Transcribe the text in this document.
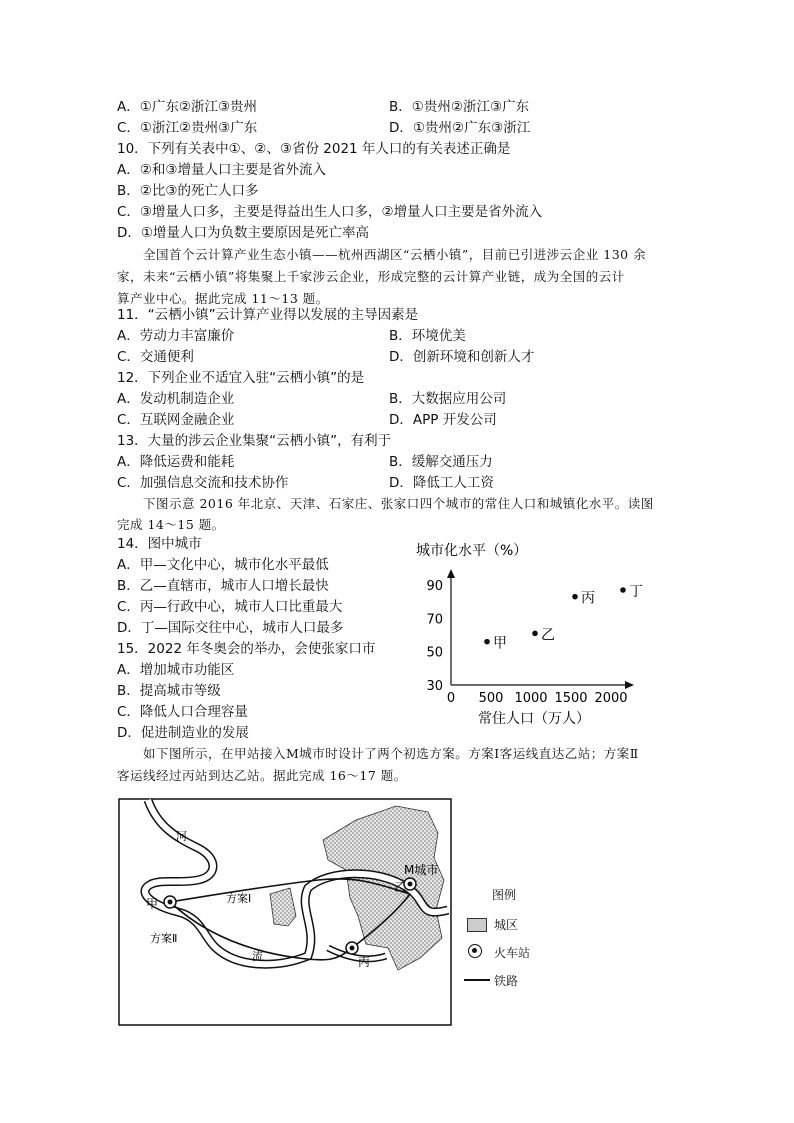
A．①广东②浙江③贵州	B．①贵州②浙江③广东
C．①浙江②贵州③广东	D．①贵州②广东③浙江
10．下列有关表中①、②、③省份 2021 年人口的有关表述正确是
A．②和③增量人口主要是省外流入
B．②比③的死亡人口多
C．③增量人口多，主要是得益出生人口多，②增量人口主要是省外流入
D．①增量人口为负数主要原因是死亡率高
全国首个云计算产业生态小镇——杭州西湖区“云栖小镇”，目前已引进涉云企业 130 余
家，未来“云栖小镇”将集聚上千家涉云企业，形成完整的云计算产业链，成为全国的云计
算产业中心。据此完成 11～13 题。
11．“云栖小镇”云计算产业得以发展的主导因素是
A．劳动力丰富廉价	B．环境优美
C．交通便利	D．创新环境和创新人才
12．下列企业不适宜入驻“云栖小镇”的是
A．发动机制造企业	B．大数据应用公司
C．互联网金融企业	D．APP 开发公司
13．大量的涉云企业集聚“云栖小镇”，有利于
A．降低运费和能耗	B．缓解交通压力
C．加强信息交流和技术协作	D．降低工人工资
下图示意 2016 年北京、天津、石家庄、张家口四个城市的常住人口和城镇化水平。读图
完成 14～15 题。
14．图中城市
A．甲—文化中心，城市化水平最低
B．乙—直辖市，城市人口增长最快
C．丙—行政中心，城市人口比重最大
D．丁—国际交往中心，城市人口最多
15．2022 年冬奥会的举办，会使张家口市
A．增加城市功能区
B．提高城市等级
C．降低人口合理容量
D．促进制造业的发展
城市化水平（%）
0 500 1000 1500 2000
30
50
70
90
甲
乙
丙 丁
常住人口（万人）
如下图所示，在甲站接入M城市时设计了两个初选方案。方案Ⅰ客运线直达乙站；方案Ⅱ
客运线经过丙站到达乙站。据此完成 16～17 题。
河
流
方案Ⅰ
方案Ⅱ
甲
乙
丙
M城市
图例
城区
火车站
铁路
